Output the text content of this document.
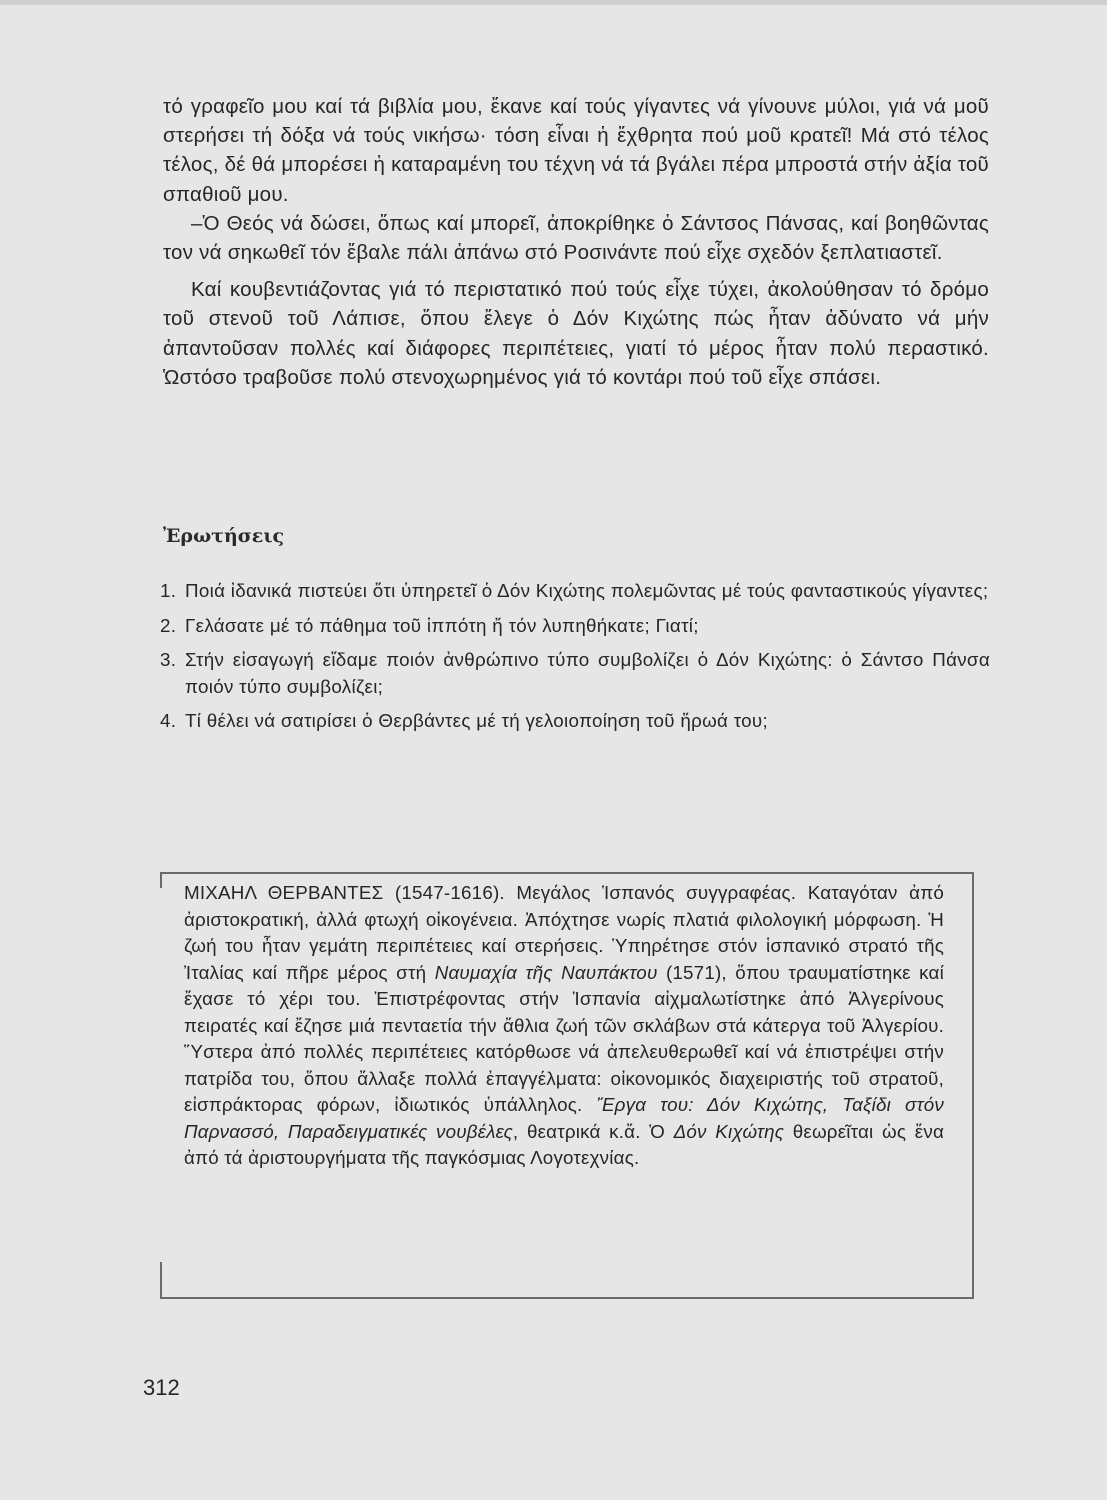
τό γραφεῖο μου καί τά βιβλία μου, ἔκανε καί τούς γίγαντες νά γίνουνε μύλοι, γιά νά μοῦ στερήσει τή δόξα νά τούς νικήσω· τόση εἶναι ἡ ἔχθρητα πού μοῦ κρατεῖ! Μά στό τέλος τέλος, δέ θά μπορέσει ἡ καταραμένη του τέχνη νά τά βγάλει πέρα μπροστά στήν ἀξία τοῦ σπαθιοῦ μου.

–Ὁ Θεός νά δώσει, ὅπως καί μπορεῖ, ἀποκρίθηκε ὁ Σάντσος Πάνσας, καί βοηθῶντας τον νά σηκωθεῖ τόν ἔβαλε πάλι ἀπάνω στό Ροσινάντε πού εἶχε σχεδόν ξεπλατιαστεῖ.

Καί κουβεντιάζοντας γιά τό περιστατικό πού τούς εἶχε τύχει, ἀκολούθησαν τό δρόμο τοῦ στενοῦ τοῦ Λάπισε, ὅπου ἔλεγε ὁ Δόν Κιχώτης πώς ἦταν ἀδύνατο νά μήν ἀπαντοῦσαν πολλές καί διάφορες περιπέτειες, γιατί τό μέρος ἦταν πολύ περαστικό. Ὡστόσο τραβοῦσε πολύ στενοχωρημένος γιά τό κοντάρι πού τοῦ εἶχε σπάσει.

Ἐρωτήσεις
1. Ποιά ἰδανικά πιστεύει ὅτι ὑπηρετεῖ ὁ Δόν Κιχώτης πολεμῶντας μέ τούς φανταστικούς γίγαντες;
2. Γελάσατε μέ τό πάθημα τοῦ ἱππότη ἤ τόν λυπηθήκατε; Γιατί;
3. Στήν εἰσαγωγή εἴδαμε ποιόν ἀνθρώπινο τύπο συμβολίζει ὁ Δόν Κιχώτης: ὁ Σάντσο Πάνσα ποιόν τύπο συμβολίζει;
4. Τί θέλει νά σατιρίσει ὁ Θερβάντες μέ τή γελοιοποίηση τοῦ ἥρωά του;
ΜΙΧΑΗΛ ΘΕΡΒΑΝΤΕΣ (1547-1616). Μεγάλος Ἱσπανός συγγραφέας. Καταγόταν ἀπό ἀριστοκρατική, ἀλλά φτωχή οἰκογένεια. Ἀπόχτησε νωρίς πλατιά φιλολογική μόρφωση. Ἡ ζωή του ἦταν γεμάτη περιπέτειες καί στερήσεις. Ὑπηρέτησε στόν ἱσπανικό στρατό τῆς Ἰταλίας καί πῆρε μέρος στή Ναυμαχία τῆς Ναυπάκτου (1571), ὅπου τραυματίστηκε καί ἔχασε τό χέρι του. Ἐπιστρέφοντας στήν Ἰσπανία αἰχμαλωτίστηκε ἀπό Ἀλγερίνους πειρατές καί ἔζησε μιά πενταετία τήν ἄθλια ζωή τῶν σκλάβων στά κάτεργα τοῦ Ἀλγερίου. Ὕστερα ἀπό πολλές περιπέτειες κατόρθωσε νά ἀπελευθερωθεῖ καί νά ἐπιστρέψει στήν πατρίδα του, ὅπου ἄλλαξε πολλά ἐπαγγέλματα: οἰκονομικός διαχειριστής τοῦ στρατοῦ, εἰσπράκτορας φόρων, ἰδιωτικός ὑπάλληλος. Ἔργα του: Δόν Κιχώτης, Ταξίδι στόν Παρνασσό, Παραδειγματικές νουβέλες, θεατρικά κ.ἄ. Ὁ Δόν Κιχώτης θεωρεῖται ὡς ἕνα ἀπό τά ἀριστουργήματα τῆς παγκόσμιας Λογοτεχνίας.
312
